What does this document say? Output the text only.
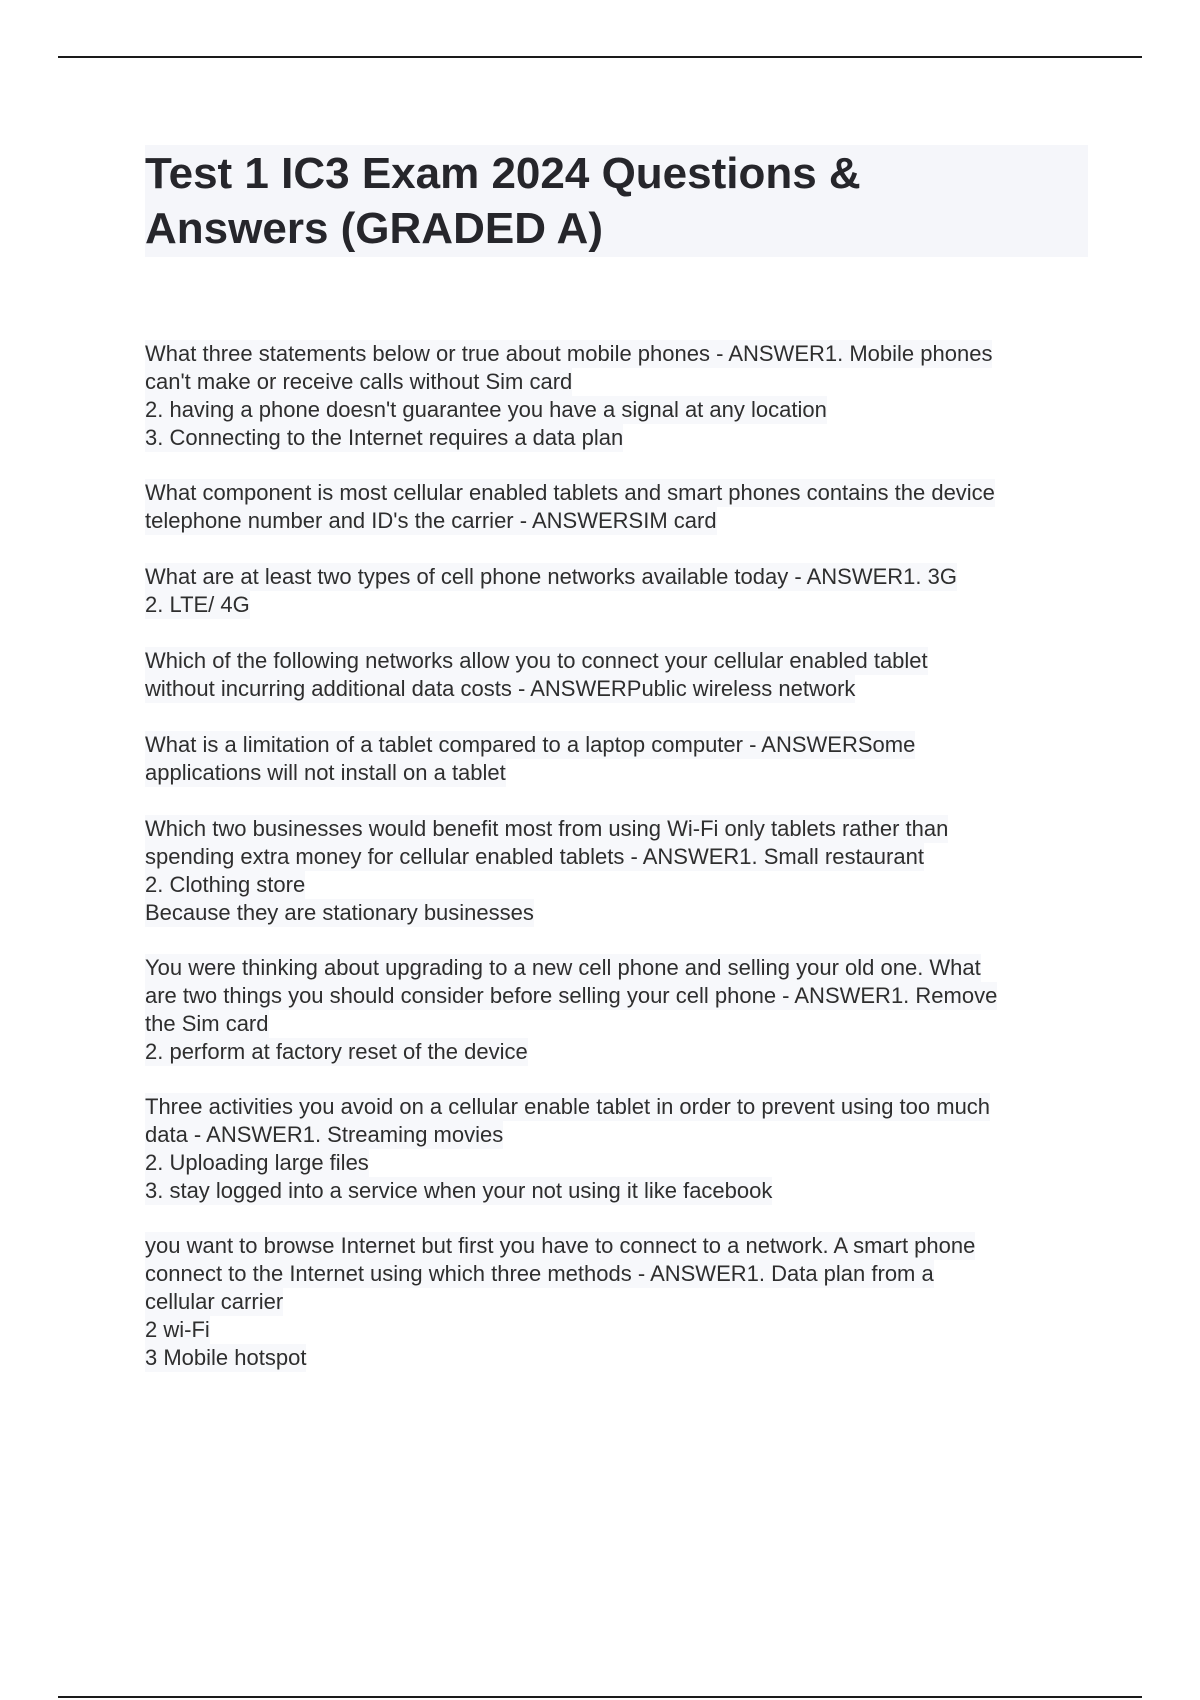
Test 1 IC3 Exam 2024 Questions &
Answers (GRADED A)
What three statements below or true about mobile phones - ANSWER1. Mobile phones
can't make or receive calls without Sim card
2. having a phone doesn't guarantee you have a signal at any location
3. Connecting to the Internet requires a data plan
What component is most cellular enabled tablets and smart phones contains the device
telephone number and ID's the carrier - ANSWERSIM card
What are at least two types of cell phone networks available today - ANSWER1. 3G
2. LTE/ 4G
Which of the following networks allow you to connect your cellular enabled tablet
without incurring additional data costs - ANSWERPublic wireless network
What is a limitation of a tablet compared to a laptop computer - ANSWERSome
applications will not install on a tablet
Which two businesses would benefit most from using Wi-Fi only tablets rather than
spending extra money for cellular enabled tablets - ANSWER1. Small restaurant
2. Clothing store
Because they are stationary businesses
You were thinking about upgrading to a new cell phone and selling your old one. What
are two things you should consider before selling your cell phone - ANSWER1. Remove
the Sim card
2. perform at factory reset of the device
Three activities you avoid on a cellular enable tablet in order to prevent using too much
data - ANSWER1. Streaming movies
2. Uploading large files
3. stay logged into a service when your not using it like facebook
you want to browse Internet but first you have to connect to a network. A smart phone
connect to the Internet using which three methods - ANSWER1. Data plan from a
cellular carrier
2 wi-Fi
3 Mobile hotspot
